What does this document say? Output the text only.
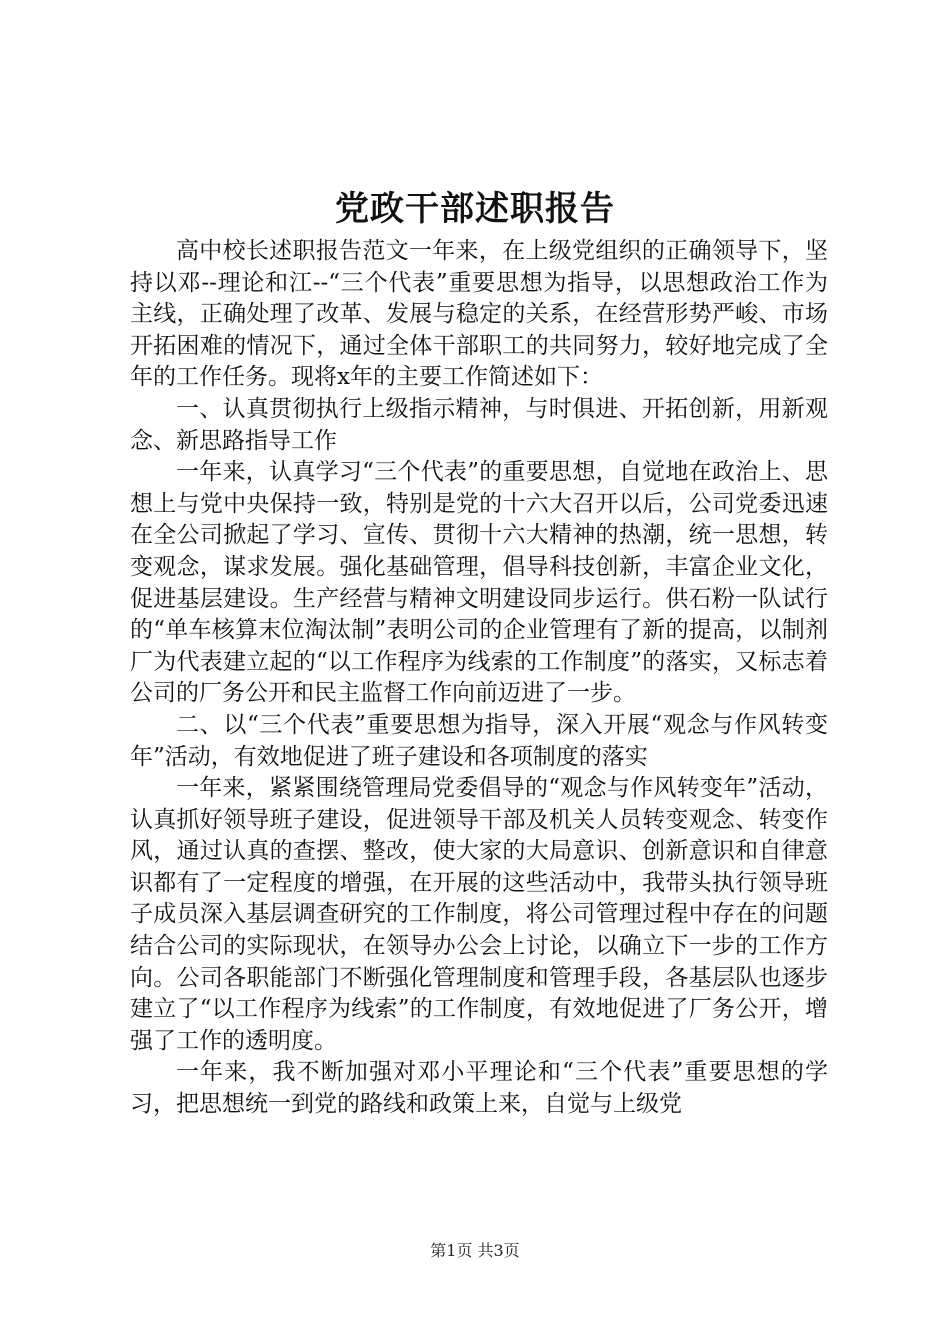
党政干部述职报告

高中校长述职报告范文一年来，在上级党组织的正确领导下，坚持以邓--理论和江--“三个代表”重要思想为指导，以思想政治工作为主线，正确处理了改革、发展与稳定的关系，在经营形势严峻、市场开拓困难的情况下，通过全体干部职工的共同努力，较好地完成了全年的工作任务。现将x年的主要工作简述如下：

一、认真贯彻执行上级指示精神，与时俱进、开拓创新，用新观念、新思路指导工作

一年来，认真学习“三个代表”的重要思想，自觉地在政治上、思想上与党中央保持一致，特别是党的十六大召开以后，公司党委迅速在全公司掀起了学习、宣传、贯彻十六大精神的热潮，统一思想，转变观念，谋求发展。强化基础管理，倡导科技创新，丰富企业文化，促进基层建设。生产经营与精神文明建设同步运行。供石粉一队试行的“单车核算末位淘汰制”表明公司的企业管理有了新的提高，以制剂厂为代表建立起的“以工作程序为线索的工作制度”的落实，又标志着公司的厂务公开和民主监督工作向前迈进了一步。

二、以“三个代表”重要思想为指导，深入开展“观念与作风转变年”活动，有效地促进了班子建设和各项制度的落实

一年来，紧紧围绕管理局党委倡导的“观念与作风转变年”活动，认真抓好领导班子建设，促进领导干部及机关人员转变观念、转变作风，通过认真的查摆、整改，使大家的大局意识、创新意识和自律意识都有了一定程度的增强，在开展的这些活动中，我带头执行领导班子成员深入基层调查研究的工作制度，将公司管理过程中存在的问题结合公司的实际现状，在领导办公会上讨论，以确立下一步的工作方向。公司各职能部门不断强化管理制度和管理手段，各基层队也逐步建立了“以工作程序为线索”的工作制度，有效地促进了厂务公开，增强了工作的透明度。

一年来，我不断加强对邓小平理论和“三个代表”重要思想的学习，把思想统一到党的路线和政策上来，自觉与上级党

第1页 共3页
